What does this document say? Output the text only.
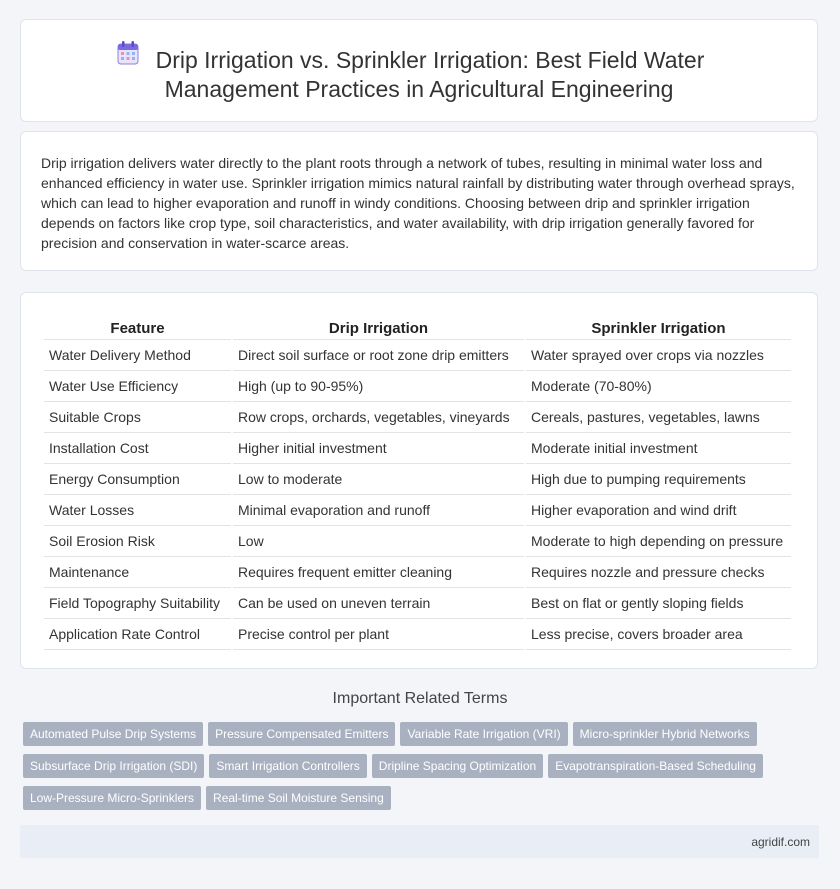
Drip Irrigation vs. Sprinkler Irrigation: Best Field Water
Management Practices in Agricultural Engineering

Drip irrigation delivers water directly to the plant roots through a network of tubes, resulting in minimal water loss and enhanced efficiency in water use. Sprinkler irrigation mimics natural rainfall by distributing water through overhead sprays, which can lead to higher evaporation and runoff in windy conditions. Choosing between drip and sprinkler irrigation depends on factors like crop type, soil characteristics, and water availability, with drip irrigation generally favored for precision and conservation in water-scarce areas.

Feature	Drip Irrigation	Sprinkler Irrigation
Water Delivery Method	Direct soil surface or root zone drip emitters	Water sprayed over crops via nozzles
Water Use Efficiency	High (up to 90-95%)	Moderate (70-80%)
Suitable Crops	Row crops, orchards, vegetables, vineyards	Cereals, pastures, vegetables, lawns
Installation Cost	Higher initial investment	Moderate initial investment
Energy Consumption	Low to moderate	High due to pumping requirements
Water Losses	Minimal evaporation and runoff	Higher evaporation and wind drift
Soil Erosion Risk	Low	Moderate to high depending on pressure
Maintenance	Requires frequent emitter cleaning	Requires nozzle and pressure checks
Field Topography Suitability	Can be used on uneven terrain	Best on flat or gently sloping fields
Application Rate Control	Precise control per plant	Less precise, covers broader area
Important Related Terms
Automated Pulse Drip Systems Pressure Compensated Emitters Variable Rate Irrigation (VRI) Micro-sprinkler Hybrid Networks
Subsurface Drip Irrigation (SDI) Smart Irrigation Controllers Dripline Spacing Optimization Evapotranspiration-Based Scheduling
Low-Pressure Micro-Sprinklers Real-time Soil Moisture Sensing
agridif.com
